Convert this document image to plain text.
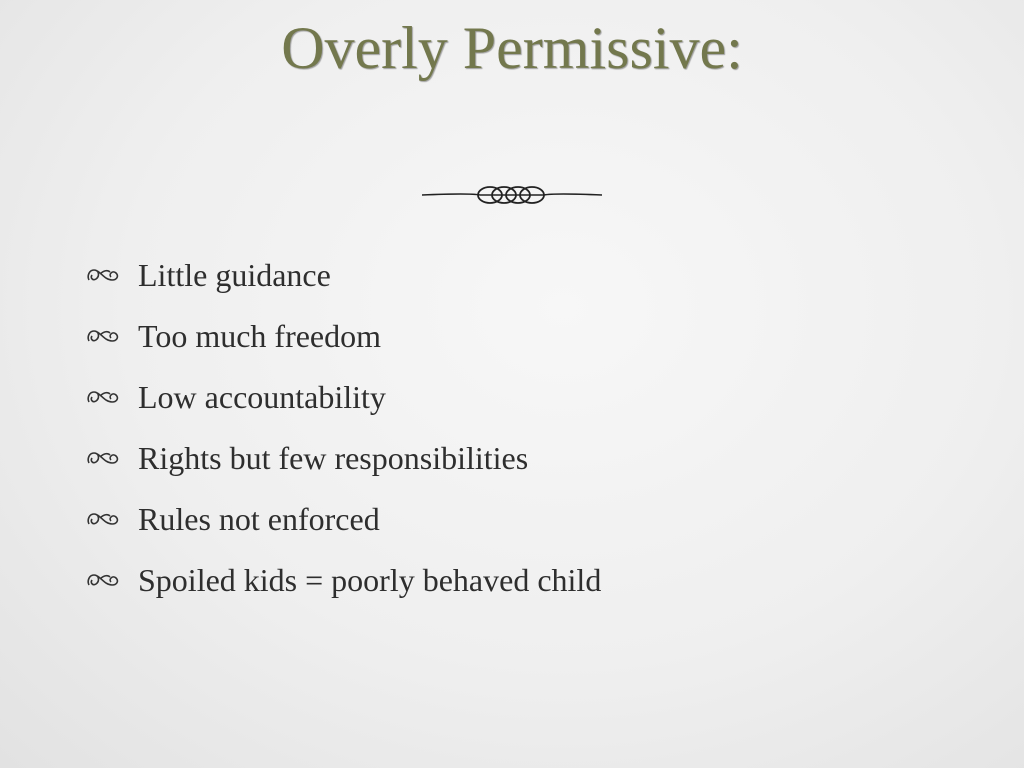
Overly Permissive:
Little guidance
Too much freedom
Low accountability
Rights but few responsibilities
Rules not enforced
Spoiled kids = poorly behaved child
